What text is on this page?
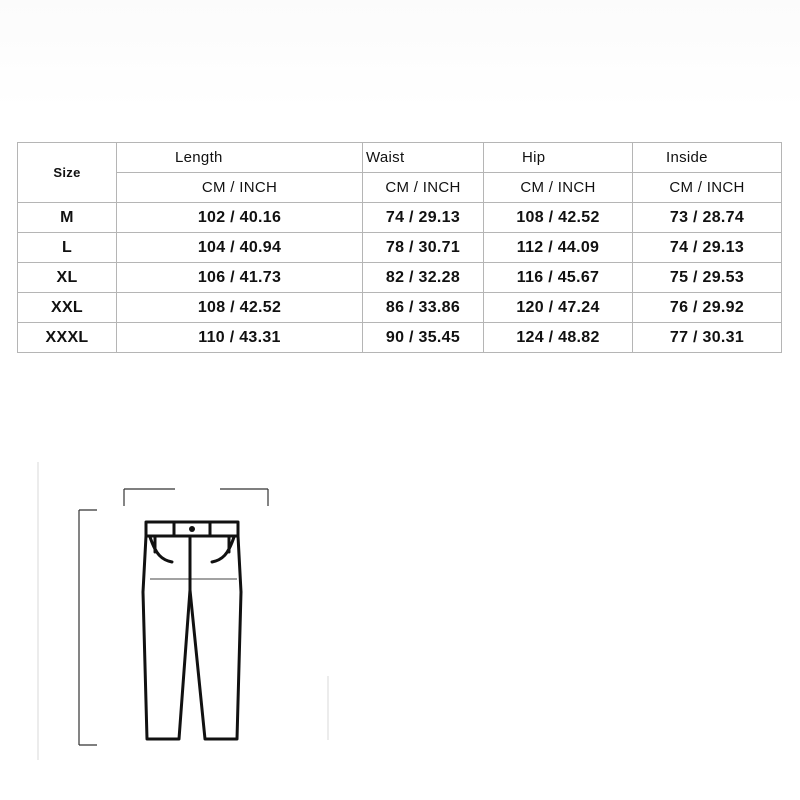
Size	Length	Waist	Hip	Inside
	CM / INCH	CM / INCH	CM / INCH	CM / INCH
M	102 / 40.16	74 / 29.13	108 / 42.52	73 / 28.74
L	104 / 40.94	78 / 30.71	112 / 44.09	74 / 29.13
XL	106 / 41.73	82 / 32.28	116 / 45.67	75 / 29.53
XXL	108 / 42.52	86 / 33.86	120 / 47.24	76 / 29.92
XXXL	110 / 43.31	90 / 35.45	124 / 48.82	77 / 30.31
